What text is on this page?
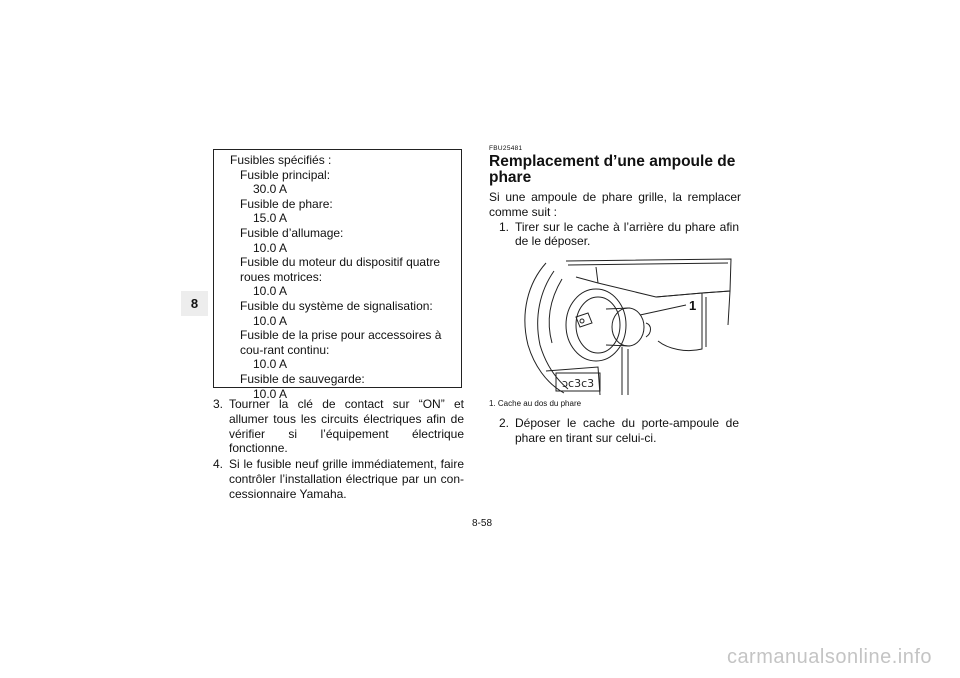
8
Fusibles spécifiés :
Fusible principal:
30.0 A
Fusible de phare:
15.0 A
Fusible d’allumage:
10.0 A
Fusible du moteur du dispositif quatre roues motrices:
10.0 A
Fusible du système de signalisation:
10.0 A
Fusible de la prise pour accessoires à cou-rant continu:
10.0 A
Fusible de sauvegarde:
10.0 A
3. Tourner la clé de contact sur “ON” et allumer tous les circuits électriques afin de vérifier si l’équipement électrique fonctionne.
4. Si le fusible neuf grille immédiatement, faire contrôler l’installation électrique par un con-cessionnaire Yamaha.
FBU25481
Remplacement d’une ampoule de phare
Si une ampoule de phare grille, la remplacer comme suit :
1. Tirer sur le cache à l’arrière du phare afin de le déposer.
ɔc3c3
1
1. Cache au dos du phare
2. Déposer le cache du porte-ampoule de phare en tirant sur celui-ci.
8-58
carmanualsonline.info
